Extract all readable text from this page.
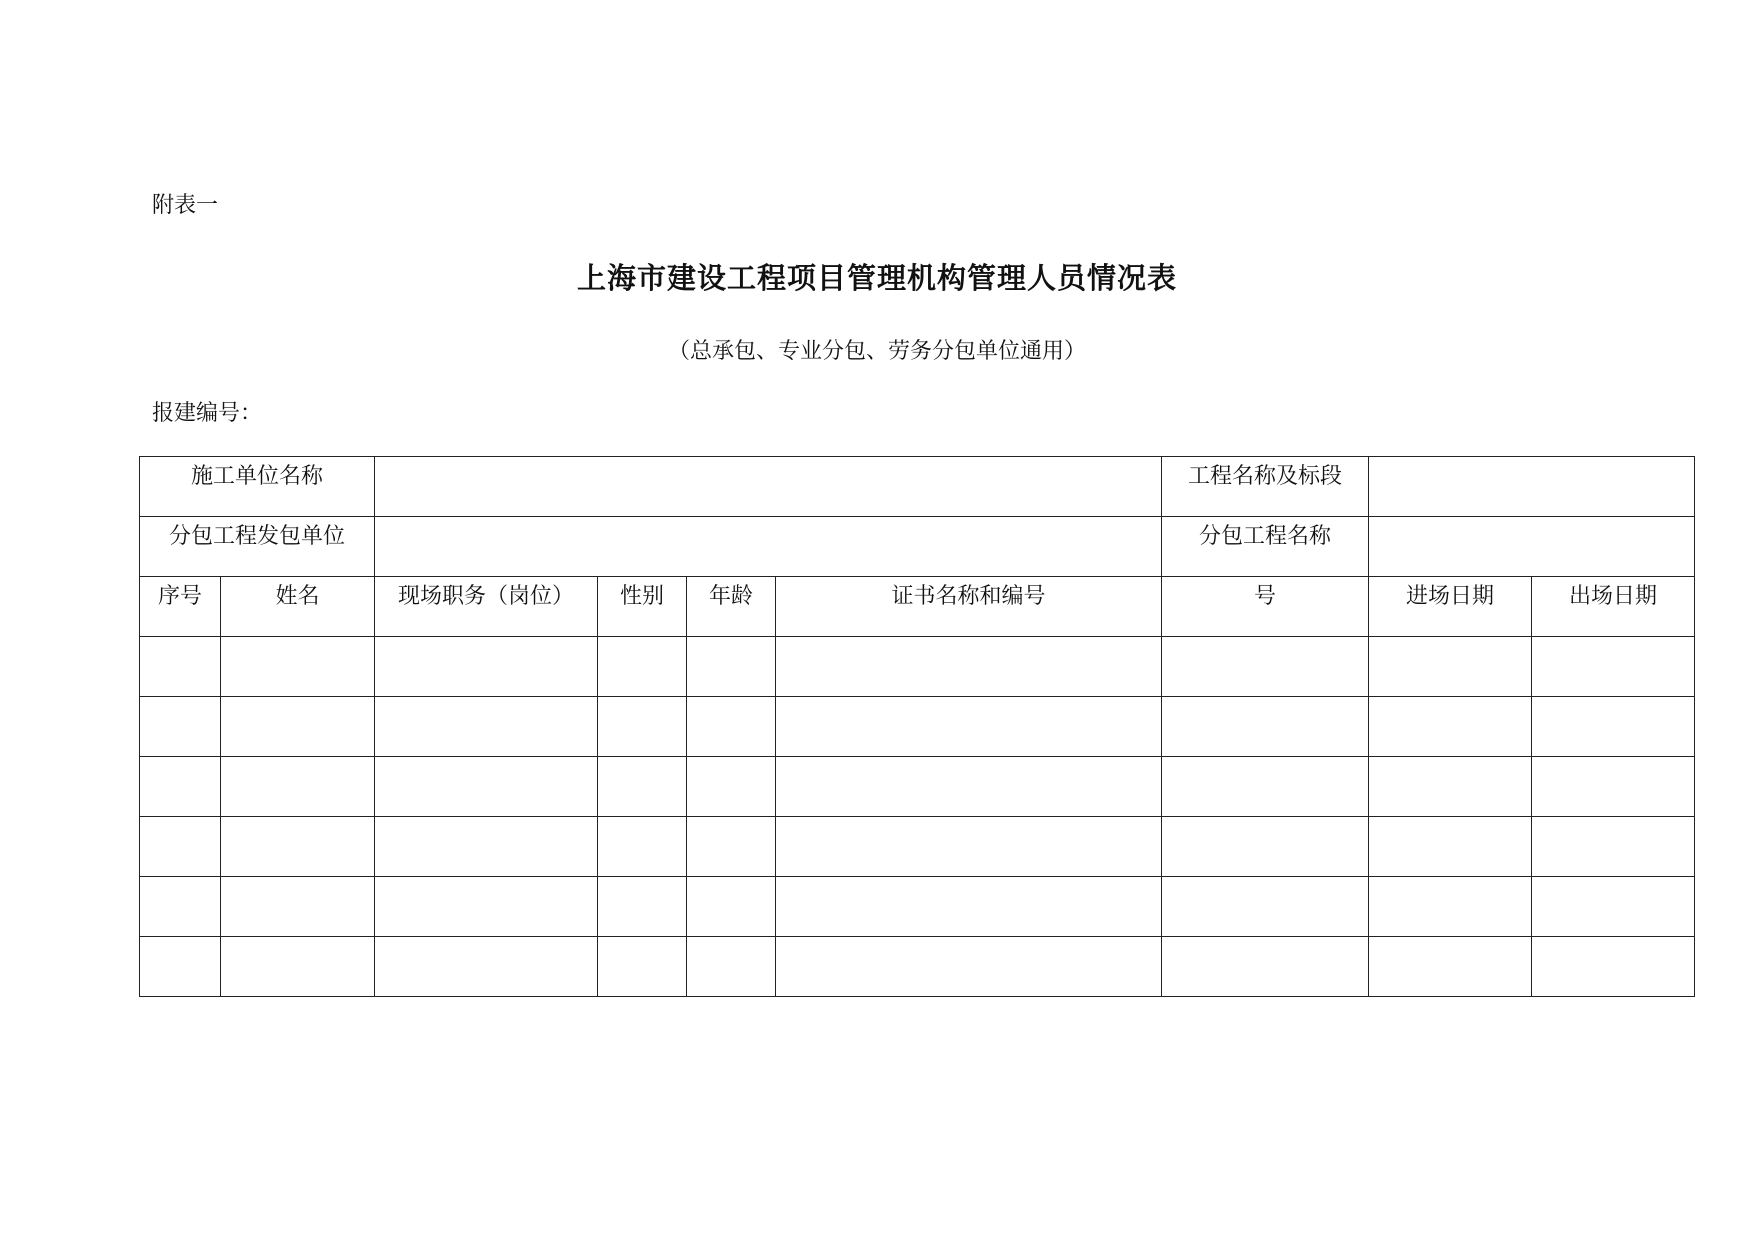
附表一
上海市建设工程项目管理机构管理人员情况表
（总承包、专业分包、劳务分包单位通用）
报建编号：
施工单位名称						工程名称及标段		
分包工程发包单位						分包工程名称		
序号	姓名	现场职务（岗位）	性别	年龄	证书名称和编号	号	进场日期	出场日期
